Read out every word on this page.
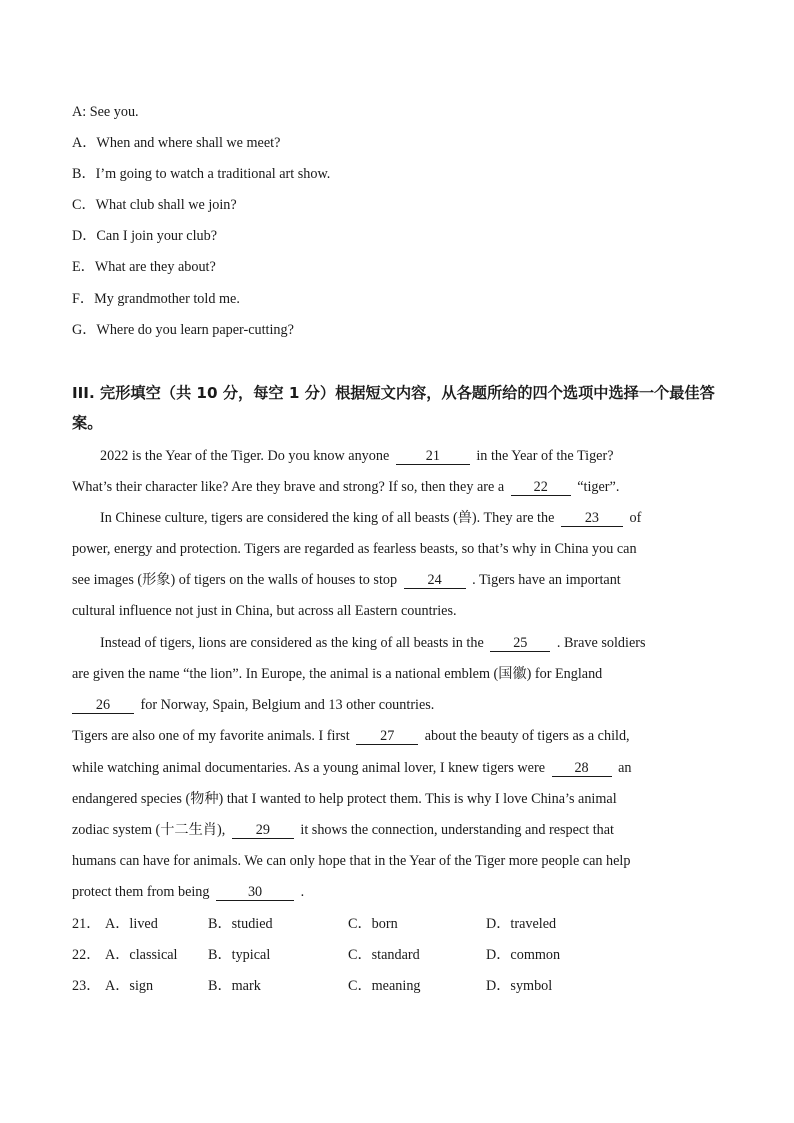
A: See you.
A．When and where shall we meet?
B．I’m going to watch a traditional art show.
C．What club shall we join?
D．Can I join your club?
E．What are they about?
F．My grandmother told me.
G．Where do you learn paper-cutting?
III. 完形填空（共 10 分，每空 1 分）根据短文内容，从各题所给的四个选项中选择一个最佳答案。
2022 is the Year of the Tiger. Do you know anyone	21	in the Year of the Tiger?
What’s their character like? Are they brave and strong? If so, then they are a 22 “tiger”.
In Chinese culture, tigers are considered the king of all beasts (兽). They are the 23 of
power, energy and protection. Tigers are regarded as fearless beasts, so that’s why in China you can
see images (形象) of tigers on the walls of houses to stop 24 . Tigers have an important
cultural influence not just in China, but across all Eastern countries.
Instead of tigers, lions are considered as the king of all beasts in the 25 . Brave soldiers
are given the name “the lion”. In Europe, the animal is a national emblem (国徽) for England
26 for Norway, Spain, Belgium and 13 other countries.
Tigers are also one of my favorite animals. I first 27 about the beauty of tigers as a child,
while watching animal documentaries. As a young animal lover, I knew tigers were 28 an
endangered species (物种) that I wanted to help protect them. This is why I love China’s animal
zodiac system (十二生肖), 29 it shows the connection, understanding and respect that
humans can have for animals. We can only hope that in the Year of the Tiger more people can help
protect them from being	30	.
21． A．lived	B．studied	C．born	D．traveled
22． A．classical B．typical	C．standard	D．common
23． A．sign	B．mark	C．meaning	D．symbol
